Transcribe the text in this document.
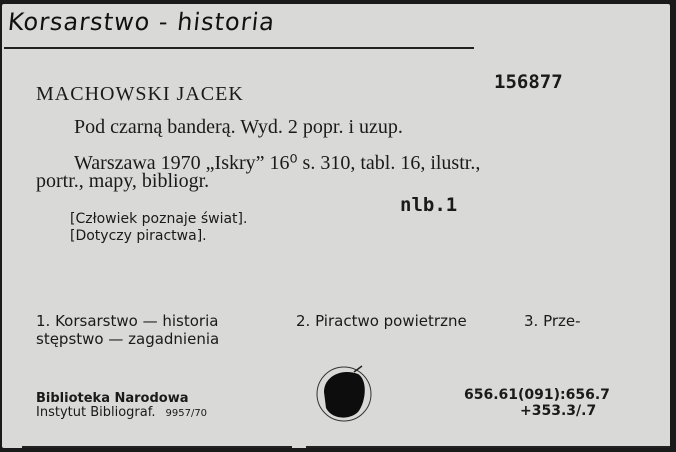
Korsarstwo - historia
MACHOWSKI JACEK
156877
Pod czarną banderą. Wyd. 2 popr. i uzup.
Warszawa 1970 „Iskry” 16⁰ s. 310, tabl. 16, ilustr.,
portr., mapy, bibliogr.
nlb.1
[Człowiek poznaje świat].
[Dotyczy piractwa].
1. Korsarstwo — historia
stępstwo — zagadnienia
2. Piractwo powietrzne	3. Prze-
Biblioteka Narodowa
Instytut Bibliograf. 9957/70
656.61(091):656.7
+353.3/.7
